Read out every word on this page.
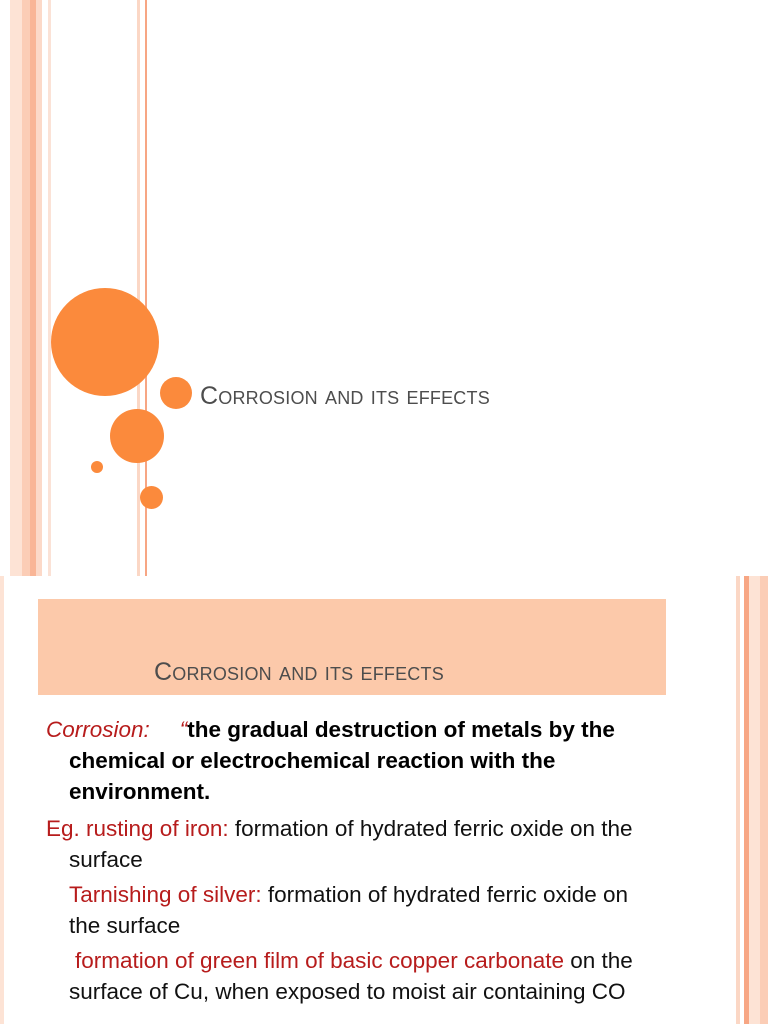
Corrosion and its effects
Corrosion and its effects

Corrosion: “the gradual destruction of metals by the chemical or electrochemical reaction with the environment.

Eg. rusting of iron: formation of hydrated ferric oxide on the surface

Tarnishing of silver: formation of hydrated ferric oxide on the surface

formation of green film of basic copper carbonate on the surface of Cu, when exposed to moist air containing CO
